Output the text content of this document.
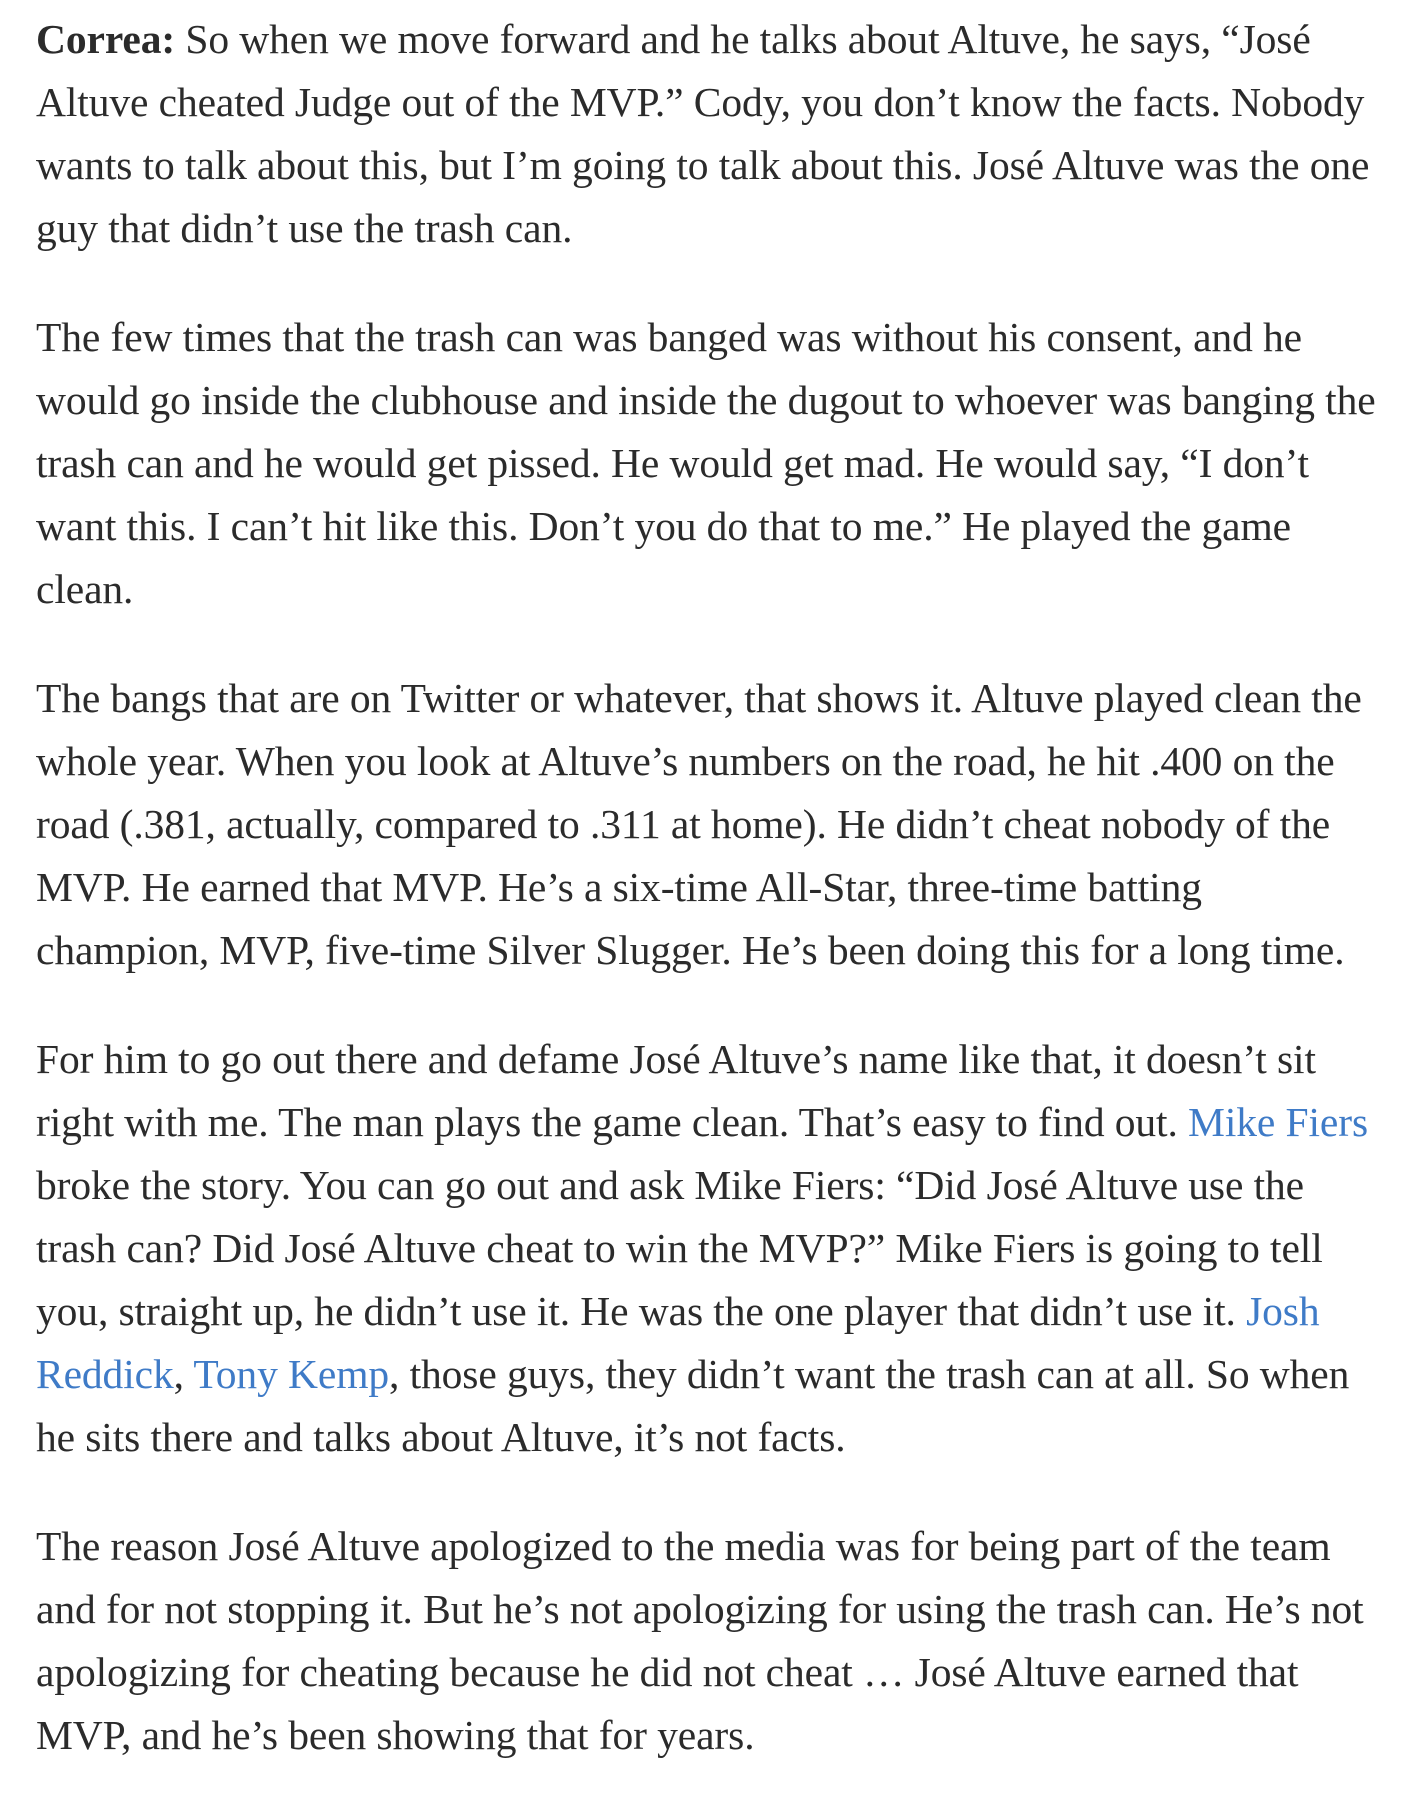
Correa: So when we move forward and he talks about Altuve, he says, “José Altuve cheated Judge out of the MVP.” Cody, you don’t know the facts. Nobody wants to talk about this, but I’m going to talk about this. José Altuve was the one guy that didn’t use the trash can.

The few times that the trash can was banged was without his consent, and he would go inside the clubhouse and inside the dugout to whoever was banging the trash can and he would get pissed. He would get mad. He would say, “I don’t want this. I can’t hit like this. Don’t you do that to me.” He played the game clean.

The bangs that are on Twitter or whatever, that shows it. Altuve played clean the whole year. When you look at Altuve’s numbers on the road, he hit .400 on the road (.381, actually, compared to .311 at home). He didn’t cheat nobody of the MVP. He earned that MVP. He’s a six-time All-Star, three-time batting champion, MVP, five-time Silver Slugger. He’s been doing this for a long time.

For him to go out there and defame José Altuve’s name like that, it doesn’t sit right with me. The man plays the game clean. That’s easy to find out. Mike Fiers broke the story. You can go out and ask Mike Fiers: “Did José Altuve use the trash can? Did José Altuve cheat to win the MVP?” Mike Fiers is going to tell you, straight up, he didn’t use it. He was the one player that didn’t use it. Josh Reddick, Tony Kemp, those guys, they didn’t want the trash can at all. So when he sits there and talks about Altuve, it’s not facts.

The reason José Altuve apologized to the media was for being part of the team and for not stopping it. But he’s not apologizing for using the trash can. He’s not apologizing for cheating because he did not cheat … José Altuve earned that MVP, and he’s been showing that for years.
